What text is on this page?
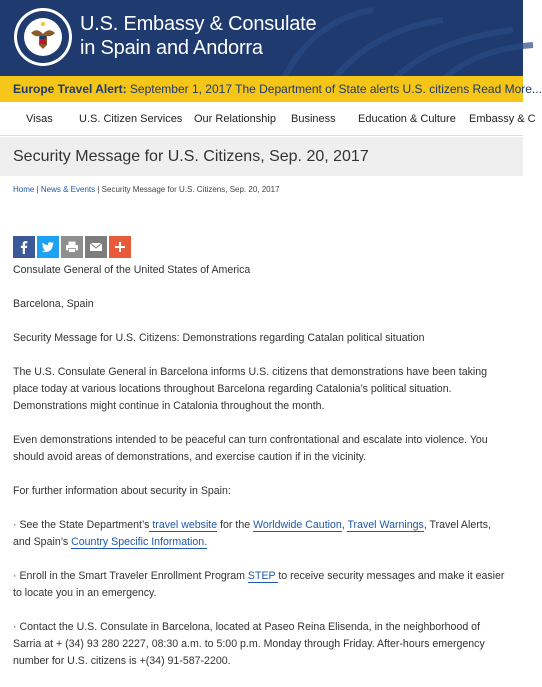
U.S. Embassy & Consulate
in Spain and Andorra
Europe Travel Alert: September 1, 2017 The Department of State alerts U.S. citizens Read More...
Visas U.S. Citizen Services Our Relationship Business Education & Culture Embassy & C
Security Message for U.S. Citizens, Sep. 20, 2017
Home | News & Events | Security Message for U.S. Citizens, Sep. 20, 2017

Consulate General of the United States of America

Barcelona, Spain

Security Message for U.S. Citizens: Demonstrations regarding Catalan political situation

The U.S. Consulate General in Barcelona informs U.S. citizens that demonstrations have been taking place today at various locations throughout Barcelona regarding Catalonia’s political situation. Demonstrations might continue in Catalonia throughout the month.

Even demonstrations intended to be peaceful can turn confrontational and escalate into violence. You should avoid areas of demonstrations, and exercise caution if in the vicinity.

For further information about security in Spain:

· See the State Department’s travel website for the Worldwide Caution, Travel Warnings, Travel Alerts, and Spain’s Country Specific Information.

· Enroll in the Smart Traveler Enrollment Program STEP to receive security messages and make it easier to locate you in an emergency.

· Contact the U.S. Consulate in Barcelona, located at Paseo Reina Elisenda, in the neighborhood of Sarria at + (34) 93 280 2227, 08:30 a.m. to 5:00 p.m. Monday through Friday. After-hours emergency number for U.S. citizens is +(34) 91-587-2200.
